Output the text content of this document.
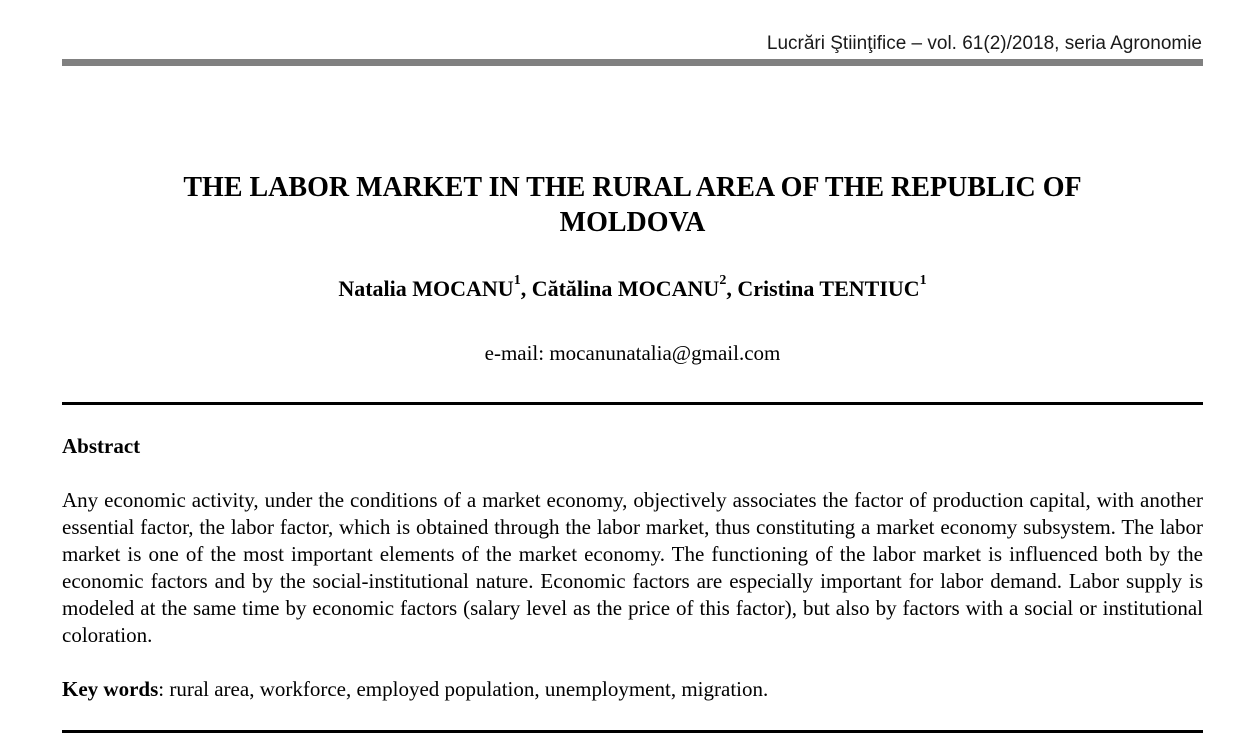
Lucrări Ştiinţifice – vol. 61(2)/2018, seria Agronomie
THE LABOR MARKET IN THE RURAL AREA OF THE REPUBLIC OF
MOLDOVA
Natalia MOCANU$^1$, Cătălina MOCANU$^2$, Cristina TENTIUC$^1$
e-mail: mocanunatalia@gmail.com
Abstract

Any economic activity, under the conditions of a market economy, objectively associates the factor of production capital, with another essential factor, the labor factor, which is obtained through the labor market, thus constituting a market economy subsystem. The labor market is one of the most important elements of the market economy. The functioning of the labor market is influenced both by the economic factors and by the social-institutional nature. Economic factors are especially important for labor demand. Labor supply is modeled at the same time by economic factors (salary level as the price of this factor), but also by factors with a social or institutional coloration.

Key words: rural area, workforce, employed population, unemployment, migration.
